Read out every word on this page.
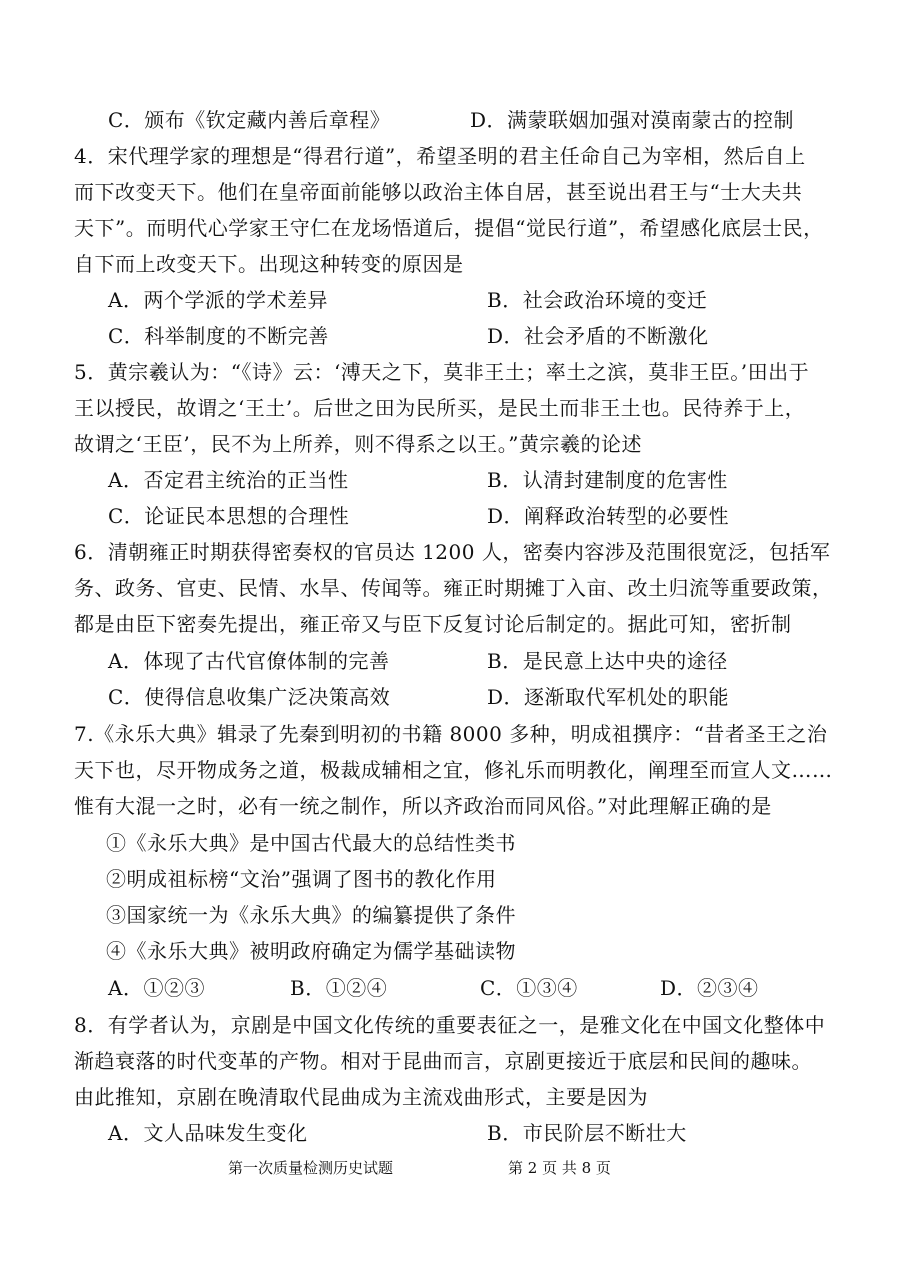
C．颁布《钦定藏内善后章程》	D．满蒙联姻加强对漠南蒙古的控制
4．宋代理学家的理想是“得君行道”，希望圣明的君主任命自己为宰相，然后自上
而下改变天下。他们在皇帝面前能够以政治主体自居，甚至说出君王与“士大夫共
天下”。而明代心学家王守仁在龙场悟道后，提倡“觉民行道”，希望感化底层士民，
自下而上改变天下。出现这种转变的原因是
A．两个学派的学术差异	B．社会政治环境的变迁
C．科举制度的不断完善	D．社会矛盾的不断激化
5．黄宗羲认为：“《诗》云：‘溥天之下，莫非王土；率土之滨，莫非王臣。’田出于
王以授民，故谓之‘王土’。后世之田为民所买，是民土而非王土也。民待养于上，
故谓之‘王臣’，民不为上所养，则不得系之以王。”黄宗羲的论述
A．否定君主统治的正当性	B．认清封建制度的危害性
C．论证民本思想的合理性	D．阐释政治转型的必要性
6．清朝雍正时期获得密奏权的官员达 1200 人，密奏内容涉及范围很宽泛，包括军
务、政务、官吏、民情、水旱、传闻等。雍正时期摊丁入亩、改土归流等重要政策，
都是由臣下密奏先提出，雍正帝又与臣下反复讨论后制定的。据此可知，密折制
A．体现了古代官僚体制的完善	B．是民意上达中央的途径
C．使得信息收集广泛决策高效	D．逐渐取代军机处的职能
7.《永乐大典》辑录了先秦到明初的书籍 8000 多种，明成祖撰序：“昔者圣王之治
天下也，尽开物成务之道，极裁成辅相之宜，修礼乐而明教化，阐理至而宣人文……
惟有大混一之时，必有一统之制作，所以齐政治而同风俗。”对此理解正确的是
①《永乐大典》是中国古代最大的总结性类书
②明成祖标榜“文治”强调了图书的教化作用
③国家统一为《永乐大典》的编纂提供了条件
④《永乐大典》被明政府确定为儒学基础读物
A．①②③	B．①②④	C．①③④	D．②③④
8．有学者认为，京剧是中国文化传统的重要表征之一，是雅文化在中国文化整体中
渐趋衰落的时代变革的产物。相对于昆曲而言，京剧更接近于底层和民间的趣味。
由此推知，京剧在晚清取代昆曲成为主流戏曲形式，主要是因为
A．文人品味发生变化	B．市民阶层不断壮大
第一次质量检测历史试题	第 2 页 共 8 页
